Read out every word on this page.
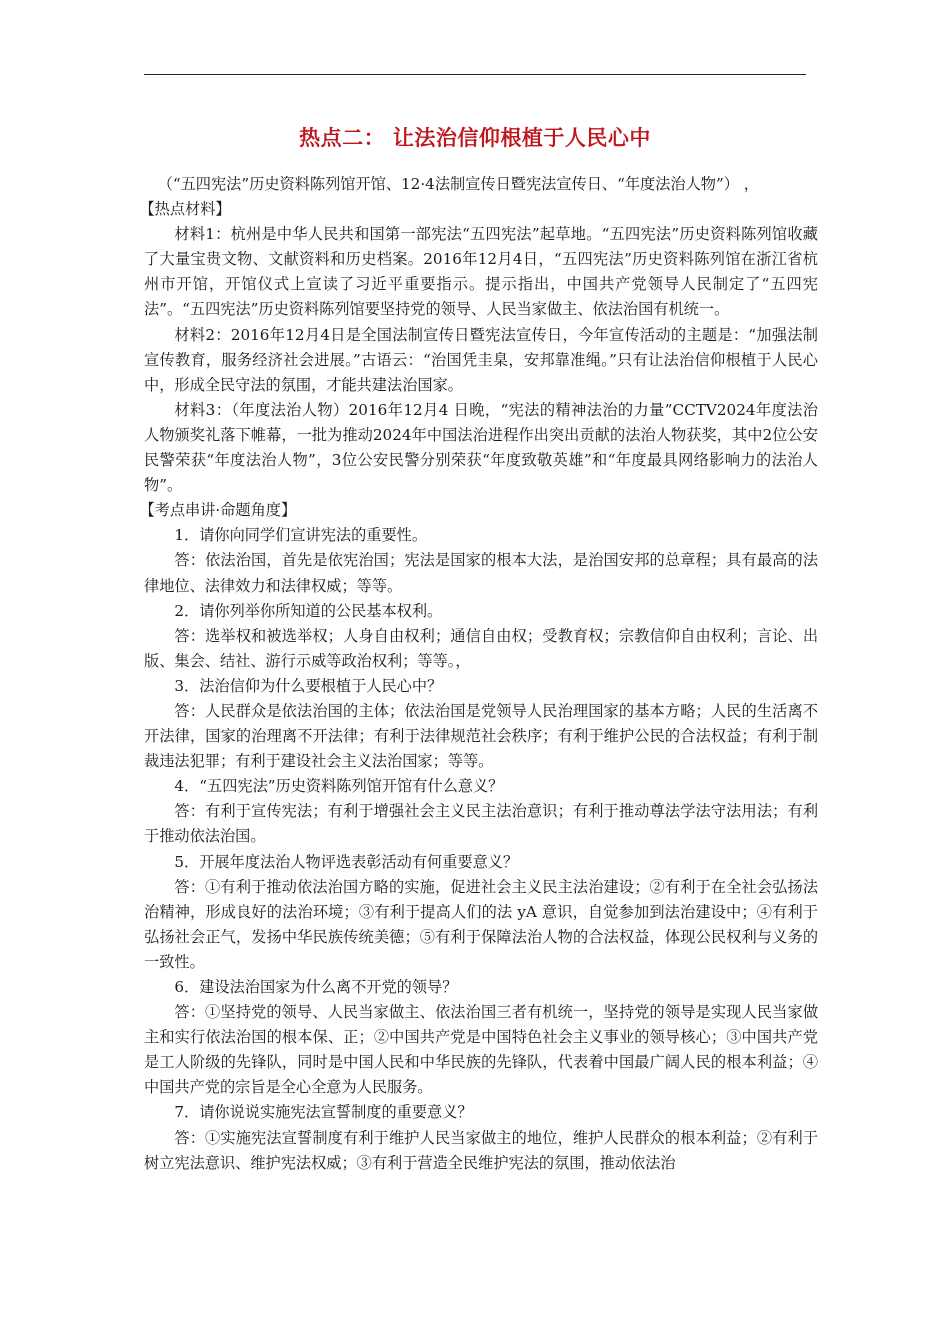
热点二： 让法治信仰根植于人民心中

（“五四宪法”历史资料陈列馆开馆、12·4法制宣传日暨宪法宣传日、“年度法治人物”） ，

【热点材料】

材料1：杭州是中华人民共和国第一部宪法“五四宪法”起草地。“五四宪法”历史资料陈列馆收藏了大量宝贵文物、文献资料和历史档案。2016年12月4日，“五四宪法”历史资料陈列馆在浙江省杭州市开馆，开馆仪式上宣读了习近平重要指示。提示指出，中国共产党领导人民制定了“五四宪法”。“五四宪法”历史资料陈列馆要坚持党的领导、人民当家做主、依法治国有机统一。

材料2：2016年12月4日是全国法制宣传日暨宪法宣传日，今年宣传活动的主题是：“加强法制宣传教育，服务经济社会进展。”古语云：“治国凭圭臬，安邦靠准绳。”只有让法治信仰根植于人民心中，形成全民守法的氛围，才能共建法治国家。

材料3：（年度法治人物）2016年12月4 日晚，“宪法的精神法治的力量”CCTV2024年度法治人物颁奖礼落下帷幕，一批为推动2024年中国法治进程作出突出贡献的法治人物获奖，其中2位公安民警荣获“年度法治人物”，3位公安民警分别荣获“年度致敬英雄”和“年度最具网络影响力的法治人物”。

【考点串讲·命题角度】

1．请你向同学们宣讲宪法的重要性。

答：依法治国，首先是依宪治国；宪法是国家的根本大法，是治国安邦的总章程；具有最高的法律地位、法律效力和法律权威；等等。

2．请你列举你所知道的公民基本权利。

答：选举权和被选举权；人身自由权利；通信自由权；受教育权；宗教信仰自由权利；言论、出版、集会、结社、游行示威等政治权利；等等。，

3．法治信仰为什么要根植于人民心中？

答：人民群众是依法治国的主体；依法治国是党领导人民治理国家的基本方略；人民的生活离不开法律，国家的治理离不开法律；有利于法律规范社会秩序；有利于维护公民的合法权益；有利于制裁违法犯罪；有利于建设社会主义法治国家；等等。

4．“五四宪法”历史资料陈列馆开馆有什么意义？

答：有利于宣传宪法；有利于增强社会主义民主法治意识；有利于推动尊法学法守法用法；有利于推动依法治国。

5．开展年度法治人物评选表彰活动有何重要意义？

答：①有利于推动依法治国方略的实施，促进社会主义民主法治建设；②有利于在全社会弘扬法治精神，形成良好的法治环境；③有利于提高人们的法 yA 意识，自觉参加到法治建设中；④有利于弘扬社会正气，发扬中华民族传统美德；⑤有利于保障法治人物的合法权益，体现公民权利与义务的一致性。

6．建设法治国家为什么离不开党的领导？

答：①坚持党的领导、人民当家做主、依法治国三者有机统一，坚持党的领导是实现人民当家做主和实行依法治国的根本保、正；②中国共产党是中国特色社会主义事业的领导核心；③中国共产党是工人阶级的先锋队，同时是中国人民和中华民族的先锋队，代表着中国最广阔人民的根本利益；④中国共产党的宗旨是全心全意为人民服务。

7．请你说说实施宪法宣誓制度的重要意义？

答：①实施宪法宣誓制度有利于维护人民当家做主的地位，维护人民群众的根本利益；②有利于树立宪法意识、维护宪法权威；③有利于营造全民维护宪法的氛围，推动依法治
